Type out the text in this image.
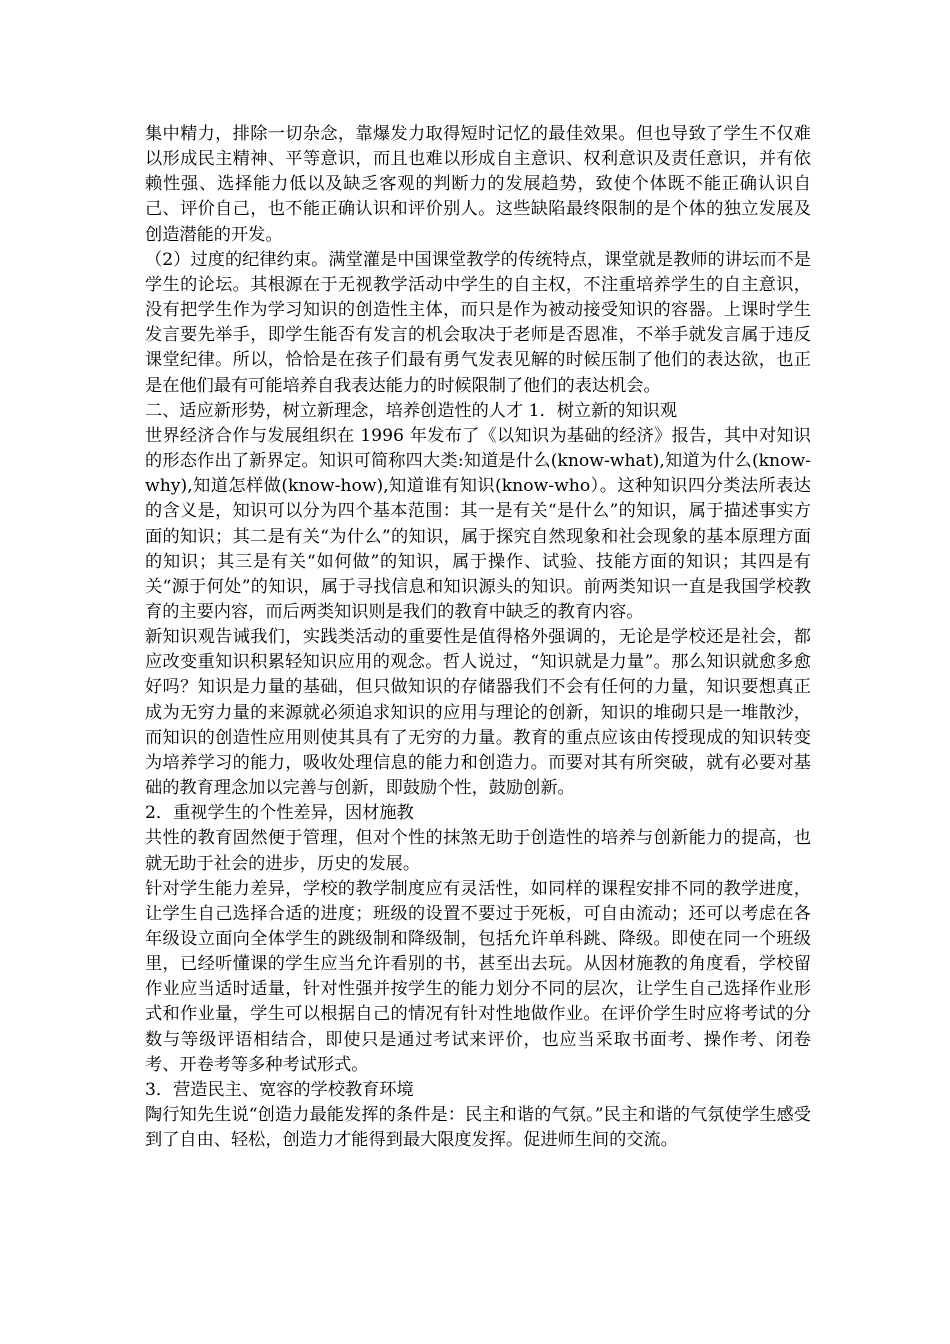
集中精力，排除一切杂念，靠爆发力取得短时记忆的最佳效果。但也导致了学生不仅难以形成民主精神、平等意识，而且也难以形成自主意识、权利意识及责任意识，并有依赖性强、选择能力低以及缺乏客观的判断力的发展趋势，致使个体既不能正确认识自己、评价自己，也不能正确认识和评价别人。这些缺陷最终限制的是个体的独立发展及创造潜能的开发。

（2）过度的纪律约束。满堂灌是中国课堂教学的传统特点，课堂就是教师的讲坛而不是学生的论坛。其根源在于无视教学活动中学生的自主权，不注重培养学生的自主意识，没有把学生作为学习知识的创造性主体，而只是作为被动接受知识的容器。上课时学生发言要先举手，即学生能否有发言的机会取决于老师是否恩准，不举手就发言属于违反课堂纪律。所以，恰恰是在孩子们最有勇气发表见解的时候压制了他们的表达欲，也正是在他们最有可能培养自我表达能力的时候限制了他们的表达机会。

二、适应新形势，树立新理念，培养创造性的人才 1．树立新的知识观

世界经济合作与发展组织在 1996 年发布了《以知识为基础的经济》报告，其中对知识的形态作出了新界定。知识可简称四大类:知道是什么(know-what),知道为什么(know-why),知道怎样做(know-how),知道谁有知识(know-who）。这种知识四分类法所表达的含义是，知识可以分为四个基本范围：其一是有关“是什么”的知识，属于描述事实方面的知识；其二是有关“为什么”的知识，属于探究自然现象和社会现象的基本原理方面的知识；其三是有关“如何做”的知识，属于操作、试验、技能方面的知识；其四是有关“源于何处”的知识，属于寻找信息和知识源头的知识。前两类知识一直是我国学校教育的主要内容，而后两类知识则是我们的教育中缺乏的教育内容。

新知识观告诫我们，实践类活动的重要性是值得格外强调的，无论是学校还是社会，都应改变重知识积累轻知识应用的观念。哲人说过，“知识就是力量”。那么知识就愈多愈好吗？知识是力量的基础，但只做知识的存储器我们不会有任何的力量，知识要想真正成为无穷力量的来源就必须追求知识的应用与理论的创新，知识的堆砌只是一堆散沙，而知识的创造性应用则使其具有了无穷的力量。教育的重点应该由传授现成的知识转变为培养学习的能力，吸收处理信息的能力和创造力。而要对其有所突破，就有必要对基础的教育理念加以完善与创新，即鼓励个性，鼓励创新。

2．重视学生的个性差异，因材施教

共性的教育固然便于管理，但对个性的抹煞无助于创造性的培养与创新能力的提高，也就无助于社会的进步，历史的发展。

针对学生能力差异，学校的教学制度应有灵活性，如同样的课程安排不同的教学进度，让学生自己选择合适的进度；班级的设置不要过于死板，可自由流动；还可以考虑在各年级设立面向全体学生的跳级制和降级制，包括允许单科跳、降级。即使在同一个班级里，已经听懂课的学生应当允许看别的书，甚至出去玩。从因材施教的角度看，学校留作业应当适时适量，针对性强并按学生的能力划分不同的层次，让学生自己选择作业形式和作业量，学生可以根据自己的情况有针对性地做作业。在评价学生时应将考试的分数与等级评语相结合，即使只是通过考试来评价，也应当采取书面考、操作考、闭卷考、开卷考等多种考试形式。

3．营造民主、宽容的学校教育环境

陶行知先生说“创造力最能发挥的条件是：民主和谐的气氛。”民主和谐的气氛使学生感受到了自由、轻松，创造力才能得到最大限度发挥。促进师生间的交流。
